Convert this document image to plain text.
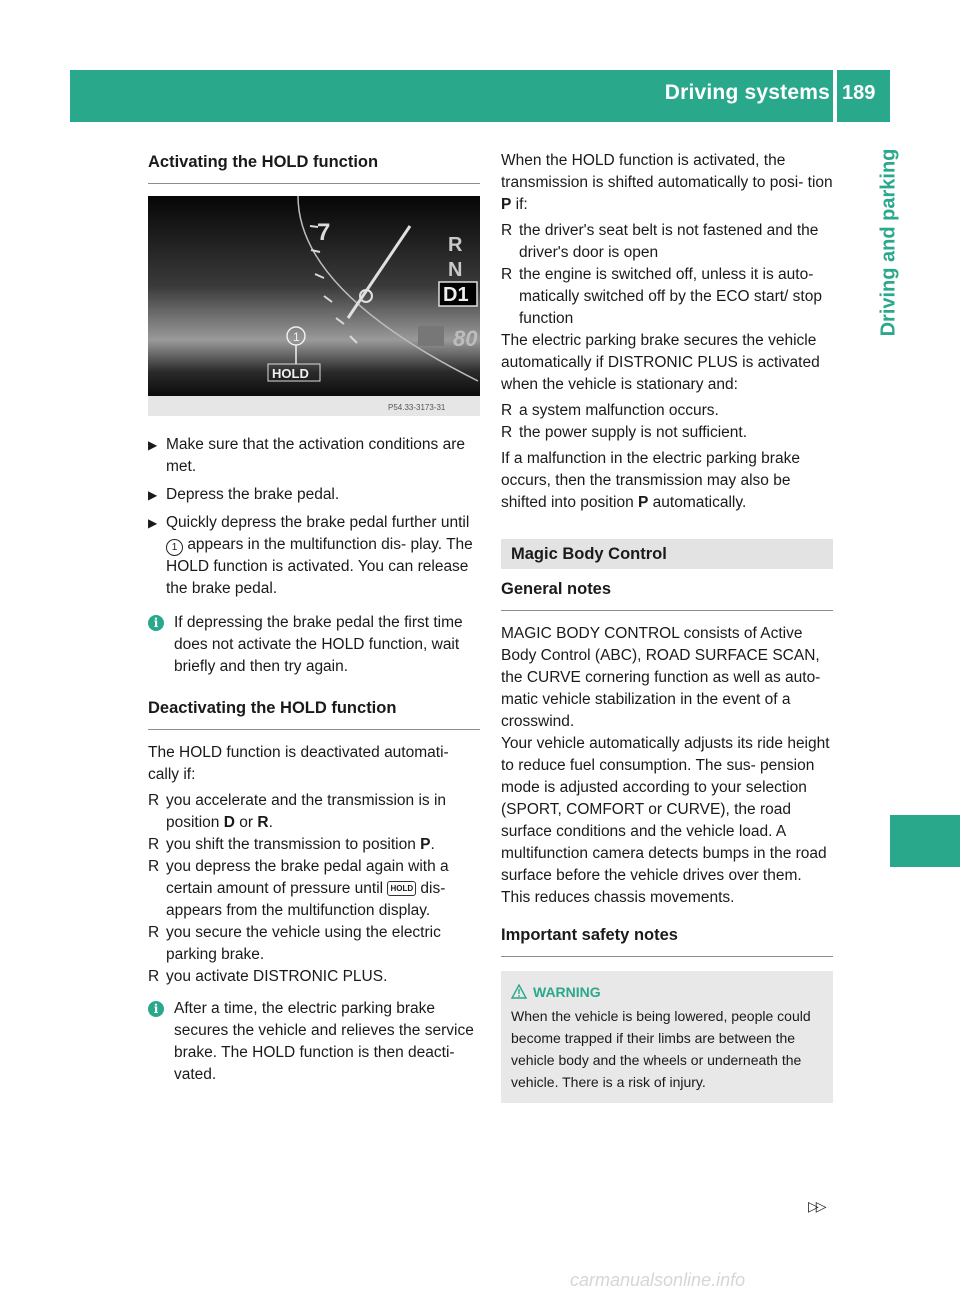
Driving systems 189
Driving and parking
Activating the HOLD function
7	R
N
D1
80
1
HOLD
P54.33-3173-31
▶ Make sure that the activation conditions are met.
▶ Depress the brake pedal.
▶ Quickly depress the brake pedal further until 1 appears in the multifunction dis- play. The HOLD function is activated. You can release the brake pedal.
i	If depressing the brake pedal the first time does not activate the HOLD function, wait briefly and then try again.
Deactivating the HOLD function

The HOLD function is deactivated automati- cally if:

R you accelerate and the transmission is in position D or R.
R you shift the transmission to position P.
R you depress the brake pedal again with a certain amount of pressure until HOLD dis- appears from the multifunction display.
R you secure the vehicle using the electric parking brake.
R you activate DISTRONIC PLUS.
i	After a time, the electric parking brake secures the vehicle and relieves the service brake. The HOLD function is then deacti- vated.

When the HOLD function is activated, the transmission is shifted automatically to posi- tion P if:

R the driver's seat belt is not fastened and the driver's door is open
R the engine is switched off, unless it is auto- matically switched off by the ECO start/ stop function

The electric parking brake secures the vehicle automatically if DISTRONIC PLUS is activated when the vehicle is stationary and:

R a system malfunction occurs.
R the power supply is not sufficient.

If a malfunction in the electric parking brake occurs, then the transmission may also be shifted into position P automatically.

Magic Body Control
General notes

MAGIC BODY CONTROL consists of Active Body Control (ABC), ROAD SURFACE SCAN, the CURVE cornering function as well as auto- matic vehicle stabilization in the event of a crosswind.

Your vehicle automatically adjusts its ride height to reduce fuel consumption. The sus- pension mode is adjusted according to your selection (SPORT, COMFORT or CURVE), the road surface conditions and the vehicle load. A multifunction camera detects bumps in the road surface before the vehicle drives over them. This reduces chassis movements.

Important safety notes
WARNING

When the vehicle is being lowered, people could become trapped if their limbs are between the vehicle body and the wheels or underneath the vehicle. There is a risk of injury.

▷▷
carmanualsonline.info
